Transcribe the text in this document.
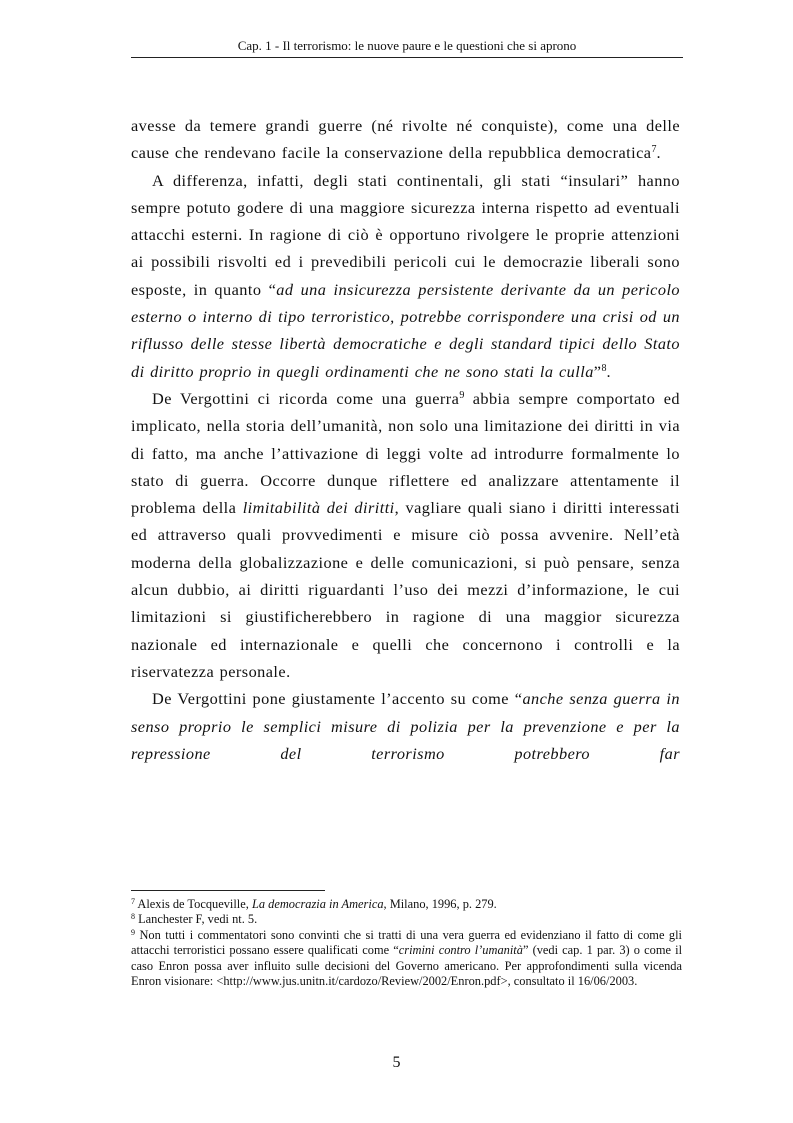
Cap. 1 - Il terrorismo: le nuove paure e le questioni che si aprono

avesse da temere grandi guerre (né rivolte né conquiste), come una delle cause che rendevano facile la conservazione della repubblica democratica$^7$.

A differenza, infatti, degli stati continentali, gli stati “insulari” hanno sempre potuto godere di una maggiore sicurezza interna rispetto ad eventuali attacchi esterni. In ragione di ciò è opportuno rivolgere le proprie attenzioni ai possibili risvolti ed i prevedibili pericoli cui le democrazie liberali sono esposte, in quanto “ad una insicurezza persistente derivante da un pericolo esterno o interno di tipo terroristico, potrebbe corrispondere una crisi od un riflusso delle stesse libertà democratiche e degli standard tipici dello Stato di diritto proprio in quegli ordinamenti che ne sono stati la culla”$^8$.

De Vergottini ci ricorda come una guerra$^9$ abbia sempre comportato ed implicato, nella storia dell’umanità, non solo una limitazione dei diritti in via di fatto, ma anche l’attivazione di leggi volte ad introdurre formalmente lo stato di guerra. Occorre dunque riflettere ed analizzare attentamente il problema della limitabilità dei diritti, vagliare quali siano i diritti interessati ed attraverso quali provvedimenti e misure ciò possa avvenire. Nell’età moderna della globalizzazione e delle comunicazioni, si può pensare, senza alcun dubbio, ai diritti riguardanti l’uso dei mezzi d’informazione, le cui limitazioni si giustificherebbero in ragione di una maggior sicurezza nazionale ed internazionale e quelli che concernono i controlli e la riservatezza personale.

De Vergottini pone giustamente l’accento su come “anche senza guerra in senso proprio le semplici misure di polizia per la prevenzione e per la repressione del terrorismo potrebbero far

$^7$ Alexis de Tocqueville, La democrazia in America, Milano, 1996, p. 279.

$^8$ Lanchester F, vedi nt. 5.

$^9$ Non tutti i commentatori sono convinti che si tratti di una vera guerra ed evidenziano il fatto di come gli attacchi terroristici possano essere qualificati come “crimini contro l’umanità” (vedi cap. 1 par. 3) o come il caso Enron possa aver influito sulle decisioni del Governo americano. Per approfondimenti sulla vicenda Enron visionare: <http://www.jus.unitn.it/cardozo/Review/2002/Enron.pdf>, consultato il 16/06/2003.

5
